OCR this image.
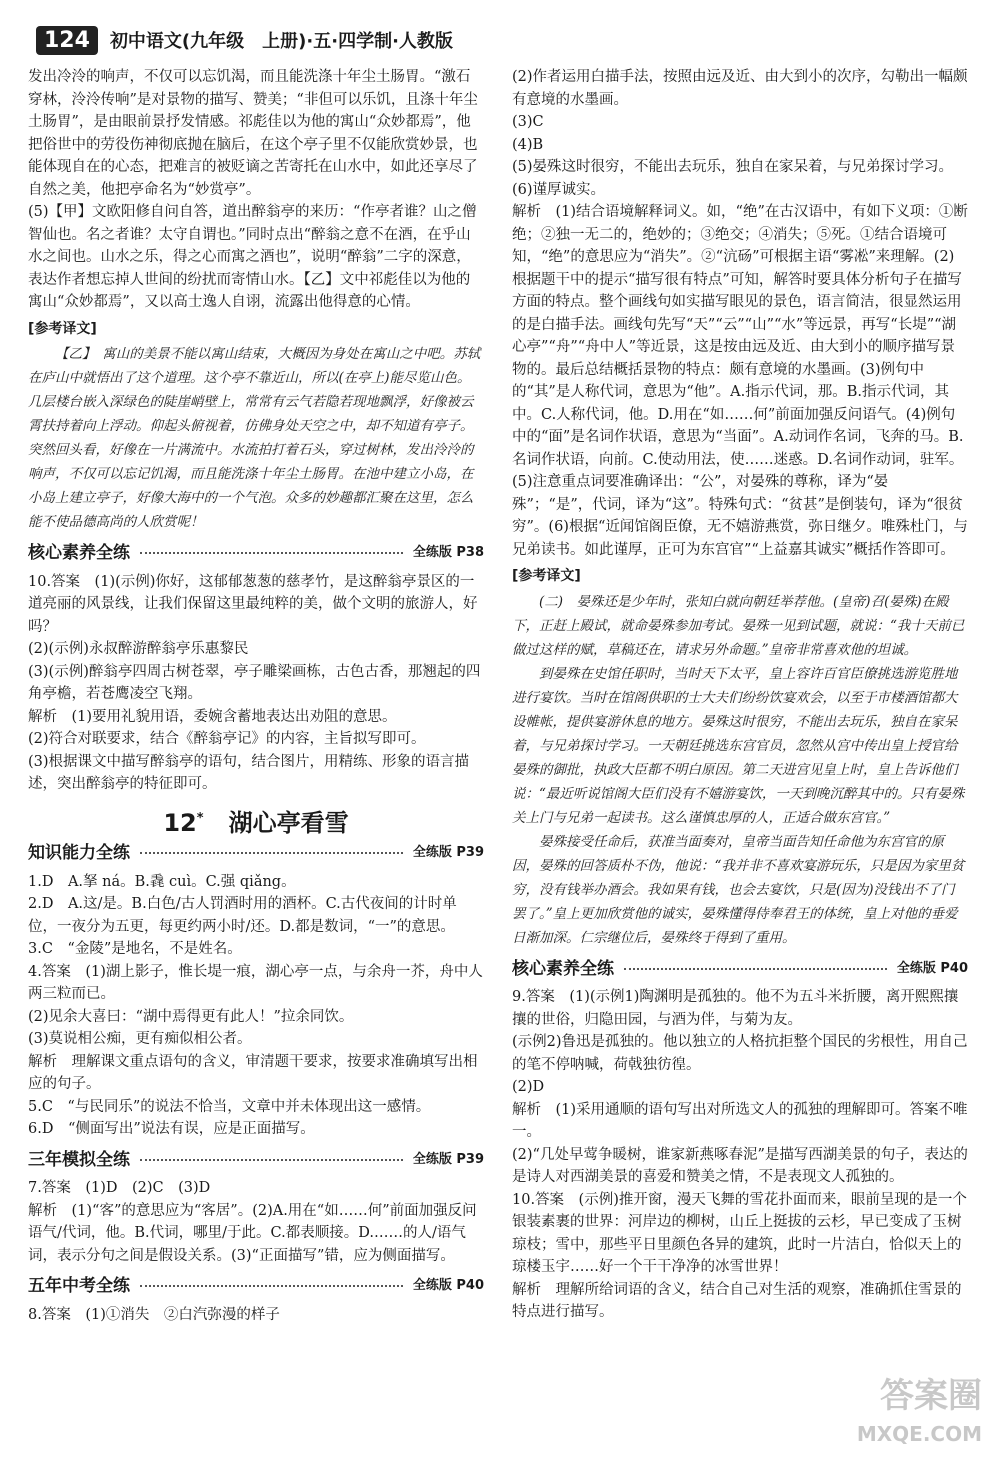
124	初中语文(九年级　上册)·五·四学制·人教版

发出冷泠的响声，不仅可以忘饥渴，而且能洗涤十年尘土肠胃。“激石穿林，泠泠传响”是对景物的描写、赞美；“非但可以乐饥，且涤十年尘土肠胃”，是由眼前景抒发情感。祁彪佳以为他的寓山“众妙都焉”，他把俗世中的劳役伤神彻底抛在脑后，在这个亭子里不仅能欣赏妙景，也能体现自在的心态，把难言的被贬谪之苦寄托在山水中，如此还享尽了自然之美，他把亭命名为“妙赏亭”。

(5)【甲】文欧阳修自问自答，道出醉翁亭的来历：“作亭者谁？山之僧智仙也。名之者谁？太守自谓也。”同时点出“醉翁之意不在酒，在乎山水之间也。山水之乐，得之心而寓之酒也”，说明“醉翁”二字的深意，表达作者想忘掉人世间的纷扰而寄情山水。【乙】文中祁彪佳以为他的寓山“众妙都焉”，又以高士逸人自诩，流露出他得意的心情。

[参考译文]

【乙】　寓山的美景不能以寓山结束，大概因为身处在寓山之中吧。苏轼在庐山中就悟出了这个道理。这个亭不靠近山，所以(在亭上)能尽览山色。几层楼台嵌入深绿色的陡崖峭壁上，常常有云气若隐若现地飘浮，好像被云霄扶持着向上浮动。仰起头俯视着，仿佛身处天空之中，却不知道有亭子。突然回头看，好像在一片满流中。水流拍打着石头，穿过树林，发出泠泠的响声，不仅可以忘记饥渴，而且能洗涤十年尘土肠胃。在池中建立小岛，在小岛上建立亭子，好像大海中的一个气泡。众多的妙趣都汇聚在这里，怎么能不使品德高尚的人欣赏呢！

核心素养全练	全练版 P38

10.答案　(1)(示例)你好，这郁郁葱葱的慈孝竹，是这醉翁亭景区的一道亮丽的风景线，让我们保留这里最纯粹的美，做个文明的旅游人，好吗？

(2)(示例)永叔醉游醉翁亭乐惠黎民

(3)(示例)醉翁亭四周古树苍翠，亭子雕梁画栋，古色古香，那翘起的四角亭檐，若苍鹰凌空飞翔。

解析　(1)要用礼貌用语，委婉含蓄地表达出劝阻的意思。

(2)符合对联要求，结合《醉翁亭记》的内容，主旨拟写即可。

(3)根据课文中描写醉翁亭的语句，结合图片，用精练、形象的语言描述，突出醉翁亭的特征即可。

12* 湖心亭看雪
知识能力全练	全练版 P39

1.D　A.拏 ná。B.毳 cuì。C.强 qiǎng。

2.D　A.这/是。B.白色/古人罚酒时用的酒杯。C.古代夜间的计时单位，一夜分为五更，每更约两小时/还。D.都是数词，“一”的意思。

3.C　“金陵”是地名，不是姓名。

4.答案　(1)湖上影子，惟长堤一痕，湖心亭一点，与余舟一芥，舟中人两三粒而已。

(2)见余大喜曰：“湖中焉得更有此人！”拉余同饮。

(3)莫说相公痴，更有痴似相公者。

解析　理解课文重点语句的含义，审清题干要求，按要求准确填写出相应的句子。

5.C　“与民同乐”的说法不恰当，文章中并未体现出这一感情。

6.D　“侧面写出”说法有误，应是正面描写。

三年模拟全练	全练版 P39

7.答案　(1)D　(2)C　(3)D

解析　(1)“客”的意思应为“客居”。(2)A.用在“如……何”前面加强反问语气/代词，他。B.代词，哪里/于此。C.都表顺接。D.……的人/语气词，表示分句之间是假设关系。(3)“正面描写”错，应为侧面描写。

五年中考全练	全练版 P40

8.答案　(1)①消失　②白汽弥漫的样子

(2)作者运用白描手法，按照由远及近、由大到小的次序，勾勒出一幅颇有意境的水墨画。

(3)C

(4)B

(5)晏殊这时很穷，不能出去玩乐，独自在家呆着，与兄弟探讨学习。

(6)谨厚诚实。

解析　(1)结合语境解释词义。如，“绝”在古汉语中，有如下义项：①断绝；②独一无二的，绝妙的；③绝交；④消失；⑤死。①结合语境可知，“绝”的意思应为“消失”。②“沆砀”可根据主语“雾凇”来理解。(2)根据题干中的提示“描写很有特点”可知，解答时要具体分析句子在描写方面的特点。整个画线句如实描写眼见的景色，语言简洁，很显然运用的是白描手法。画线句先写“天”“云”“山”“水”等远景，再写“长堤”“湖心亭”“舟”“舟中人”等近景，这是按由远及近、由大到小的顺序描写景物的。最后总结概括景物的特点：颇有意境的水墨画。(3)例句中的“其”是人称代词，意思为“他”。A.指示代词，那。B.指示代词，其中。C.人称代词，他。D.用在“如……何”前面加强反问语气。(4)例句中的“面”是名词作状语，意思为“当面”。A.动词作名词，飞奔的马。B.名词作状语，向前。C.使动用法，使……迷惑。D.名词作动词，驻军。(5)注意重点词要准确译出：“公”，对晏殊的尊称，译为“晏殊”；“是”，代词，译为“这”。特殊句式：“贫甚”是倒装句，译为“很贫穷”。(6)根据“近闻馆阁臣僚，无不嬉游燕赏，弥日继夕。唯殊杜门，与兄弟读书。如此谨厚，正可为东宫官”“上益嘉其诚实”概括作答即可。

[参考译文]

(二)　晏殊还是少年时，张知白就向朝廷举荐他。(皇帝)召(晏殊)在殿下，正赶上殿试，就命晏殊参加考试。晏殊一见到试题，就说：“我十天前已做过这样的赋，草稿还在，请求另外命题。”皇帝非常喜欢他的坦诚。

到晏殊在史馆任职时，当时天下太平，皇上容许百官臣僚挑选游览胜地进行宴饮。当时在馆阁供职的士大夫们纷纷饮宴欢会，以至于市楼酒馆都大设帷帐，提供宴游休息的地方。晏殊这时很穷，不能出去玩乐，独自在家呆着，与兄弟探讨学习。一天朝廷挑选东宫官员，忽然从宫中传出皇上授官给晏殊的御批，执政大臣都不明白原因。第二天进宫见皇上时，皇上告诉他们说：“最近听说馆阁大臣们没有不嬉游宴饮，一天到晚沉醉其中的。只有晏殊关上门与兄弟一起读书。这么谨慎忠厚的人，正适合做东宫官。”

晏殊接受任命后，获准当面奏对，皇帝当面告知任命他为东宫官的原因，晏殊的回答质朴不伪，他说：“我并非不喜欢宴游玩乐，只是因为家里贫穷，没有钱举办酒会。我如果有钱，也会去宴饮，只是(因为)没钱出不了门罢了。”皇上更加欣赏他的诚实，晏殊懂得侍奉君王的体统，皇上对他的垂爱日渐加深。仁宗继位后，晏殊终于得到了重用。

核心素养全练	全练版 P40

9.答案　(1)(示例1)陶渊明是孤独的。他不为五斗米折腰，离开熙熙攘攘的世俗，归隐田园，与酒为伴，与菊为友。

(示例2)鲁迅是孤独的。他以独立的人格抗拒整个国民的劣根性，用自己的笔不停呐喊，荷戟独彷徨。

(2)D

解析　(1)采用通顺的语句写出对所选文人的孤独的理解即可。答案不唯一。

(2)“几处早莺争暖树，谁家新燕啄春泥”是描写西湖美景的句子，表达的是诗人对西湖美景的喜爱和赞美之情，不是表现文人孤独的。

10.答案　(示例)推开窗，漫天飞舞的雪花扑面而来，眼前呈现的是一个银装素裹的世界：河岸边的柳树，山丘上挺拔的云杉，早已变成了玉树琼枝；雪中，那些平日里颜色各异的建筑，此时一片洁白，恰似天上的琼楼玉宇……好一个干干净净的冰雪世界！

解析　理解所给词语的含义，结合自己对生活的观察，准确抓住雪景的特点进行描写。

答案圈
MXQE.COM
